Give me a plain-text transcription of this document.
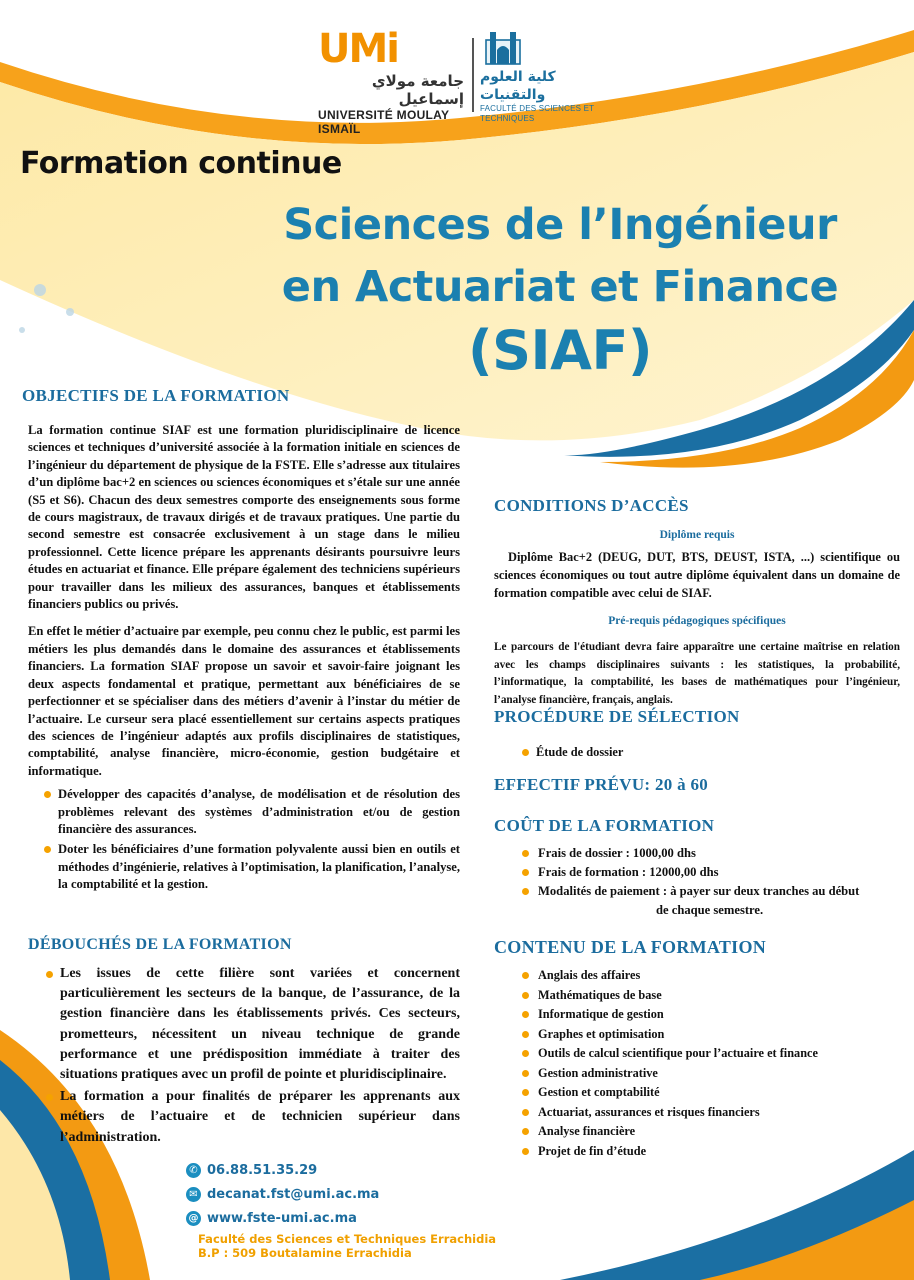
UMi
جامعة مولاي إسماعيل
UNIVERSITÉ MOULAY ISMAÏL
كلية العلوم والتقنيات
FACULTÉ DES SCIENCES ET TECHNIQUES
Formation continue
Sciences de l’Ingénieur
en Actuariat et Finance
(SIAF)
OBJECTIFS DE LA FORMATION

La formation continue SIAF est une formation pluridisciplinaire de licence sciences et techniques d’université associée à la formation initiale en sciences de l’ingénieur du département de physique de la FSTE. Elle s’adresse aux titulaires d’un diplôme bac+2 en sciences ou sciences économiques et s’étale sur une année (S5 et S6). Chacun des deux semestres comporte des enseignements sous forme de cours magistraux, de travaux dirigés et de travaux pratiques. Une partie du second semestre est consacrée exclusivement à un stage dans le milieu professionnel. Cette licence prépare les apprenants désirants poursuivre leurs études en actuariat et finance. Elle prépare également des techniciens supérieurs pour travailler dans les milieux des assurances, banques et établissements financiers publics ou privés.

En effet le métier d’actuaire par exemple, peu connu chez le public, est parmi les métiers les plus demandés dans le domaine des assurances et établissements financiers. La formation SIAF propose un savoir et savoir-faire joignant les deux aspects fondamental et pratique, permettant aux bénéficiaires de se perfectionner et se spécialiser dans des métiers d’avenir à l’instar du métier de l’actuaire. Le curseur sera placé essentiellement sur certains aspects pratiques des sciences de l’ingénieur adaptés aux profils disciplinaires de statistiques, comptabilité, analyse financière, micro-économie, gestion budgétaire et informatique.

Développer des capacités d’analyse, de modélisation et de résolution des problèmes relevant des systèmes d’administration et/ou de gestion financière des assurances.
Doter les bénéficiaires d’une formation polyvalente aussi bien en outils et méthodes d’ingénierie, relatives à l’optimisation, la planification, l’analyse, la comptabilité et la gestion.
DÉBOUCHÉS DE LA FORMATION
Les issues de cette filière sont variées et concernent particulièrement les secteurs de la banque, de l’assurance, de la gestion financière dans les établissements privés. Ces secteurs, prometteurs, nécessitent un niveau technique de grande performance et une prédisposition immédiate à traiter des situations pratiques avec un profil de pointe et pluridisciplinaire.
La formation a pour finalités de préparer les apprenants aux métiers de l’actuaire et de technicien supérieur dans l’administration.
CONDITIONS D’ACCÈS
Diplôme requis
Diplôme Bac+2 (DEUG, DUT, BTS, DEUST, ISTA, ...) scientifique ou sciences économiques ou tout autre diplôme équivalent dans un domaine de formation compatible avec celui de SIAF.
Pré-requis pédagogiques spécifiques
Le parcours de l'étudiant devra faire apparaître une certaine maîtrise en relation avec les champs disciplinaires suivants : les statistiques, la probabilité, l’informatique, la comptabilité, les bases de mathématiques pour l’ingénieur, l’analyse financière, français, anglais.
PROCÉDURE DE SÉLECTION
Étude de dossier
EFFECTIF PRÉVU: 20 à 60
COÛT DE LA FORMATION
Frais de dossier : 1000,00 dhs
Frais de formation : 12000,00 dhs
Modalités de paiement : à payer sur deux tranches au début
de chaque semestre.
CONTENU DE LA FORMATION
Anglais des affaires
Mathématiques de base
Informatique de gestion
Graphes et optimisation
Outils de calcul scientifique pour l’actuaire et finance
Gestion administrative
Gestion et comptabilité
Actuariat, assurances et risques financiers
Analyse financière
Projet de fin d’étude
✆ 06.88.51.35.29
✉ decanat.fst@umi.ac.ma
@ www.fste-umi.ac.ma
Faculté des Sciences et Techniques Errachidia
B.P : 509 Boutalamine Errachidia
